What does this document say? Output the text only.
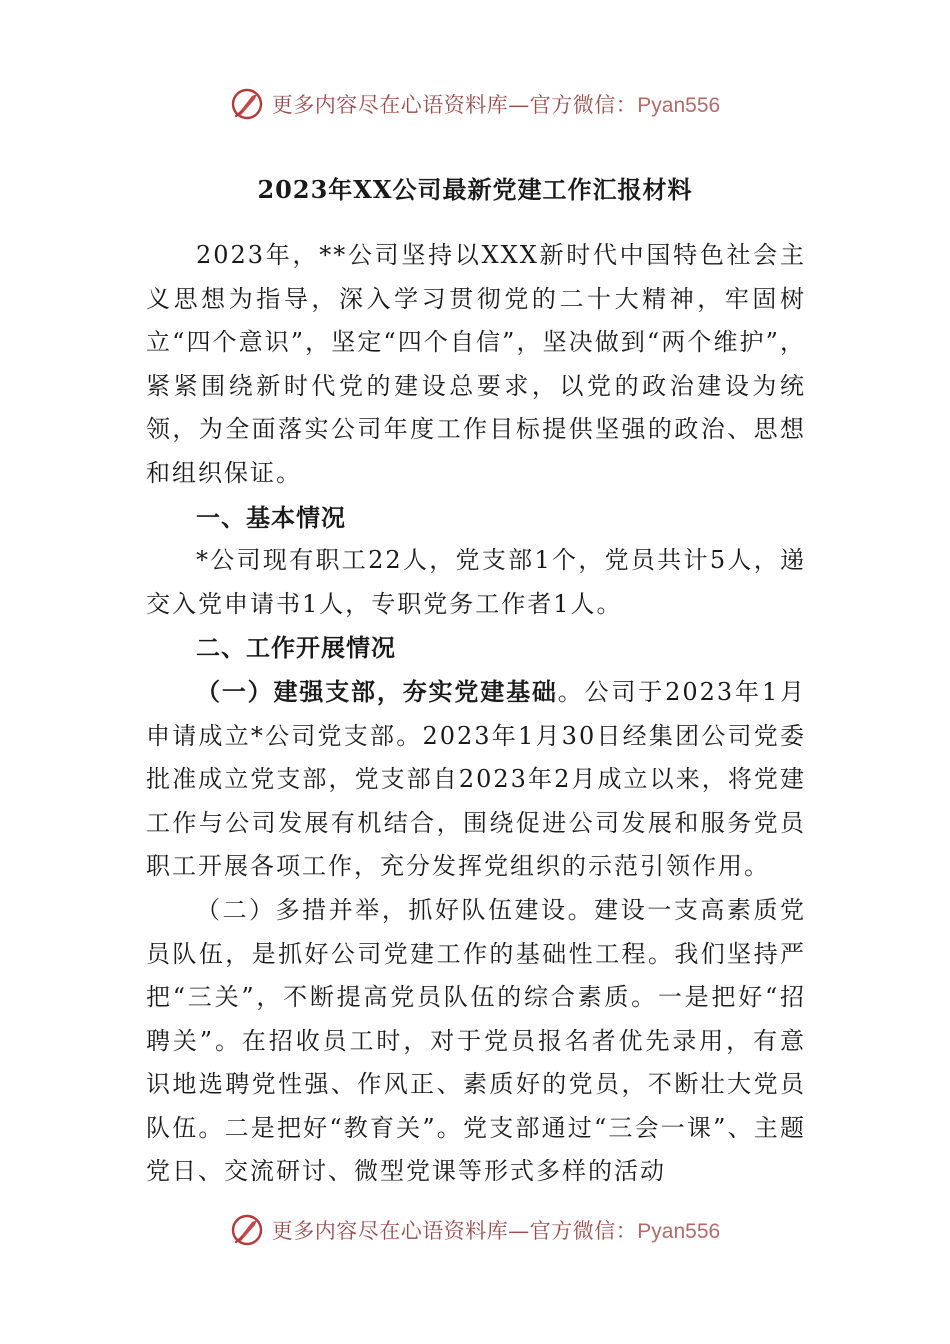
更多内容尽在心语资料库—官方微信：Pyan556
2023年XX公司最新党建工作汇报材料

2023年，**公司坚持以XXX新时代中国特色社会主义思想为指导，深入学习贯彻党的二十大精神，牢固树立“四个意识”，坚定“四个自信”，坚决做到“两个维护”，紧紧围绕新时代党的建设总要求，以党的政治建设为统领，为全面落实公司年度工作目标提供坚强的政治、思想和组织保证。

一、基本情况

*公司现有职工22人，党支部1个，党员共计5人，递交入党申请书1人，专职党务工作者1人。

二、工作开展情况

（一）建强支部，夯实党建基础。公司于2023年1月申请成立*公司党支部。2023年1月30日经集团公司党委批准成立党支部，党支部自2023年2月成立以来，将党建工作与公司发展有机结合，围绕促进公司发展和服务党员职工开展各项工作，充分发挥党组织的示范引领作用。

（二）多措并举，抓好队伍建设。建设一支高素质党员队伍，是抓好公司党建工作的基础性工程。我们坚持严把“三关”，不断提高党员队伍的综合素质。一是把好“招聘关”。在招收员工时，对于党员报名者优先录用，有意识地选聘党性强、作风正、素质好的党员，不断壮大党员队伍。二是把好“教育关”。党支部通过“三会一课”、主题党日、交流研讨、微型党课等形式多样的活动

更多内容尽在心语资料库—官方微信：Pyan556
